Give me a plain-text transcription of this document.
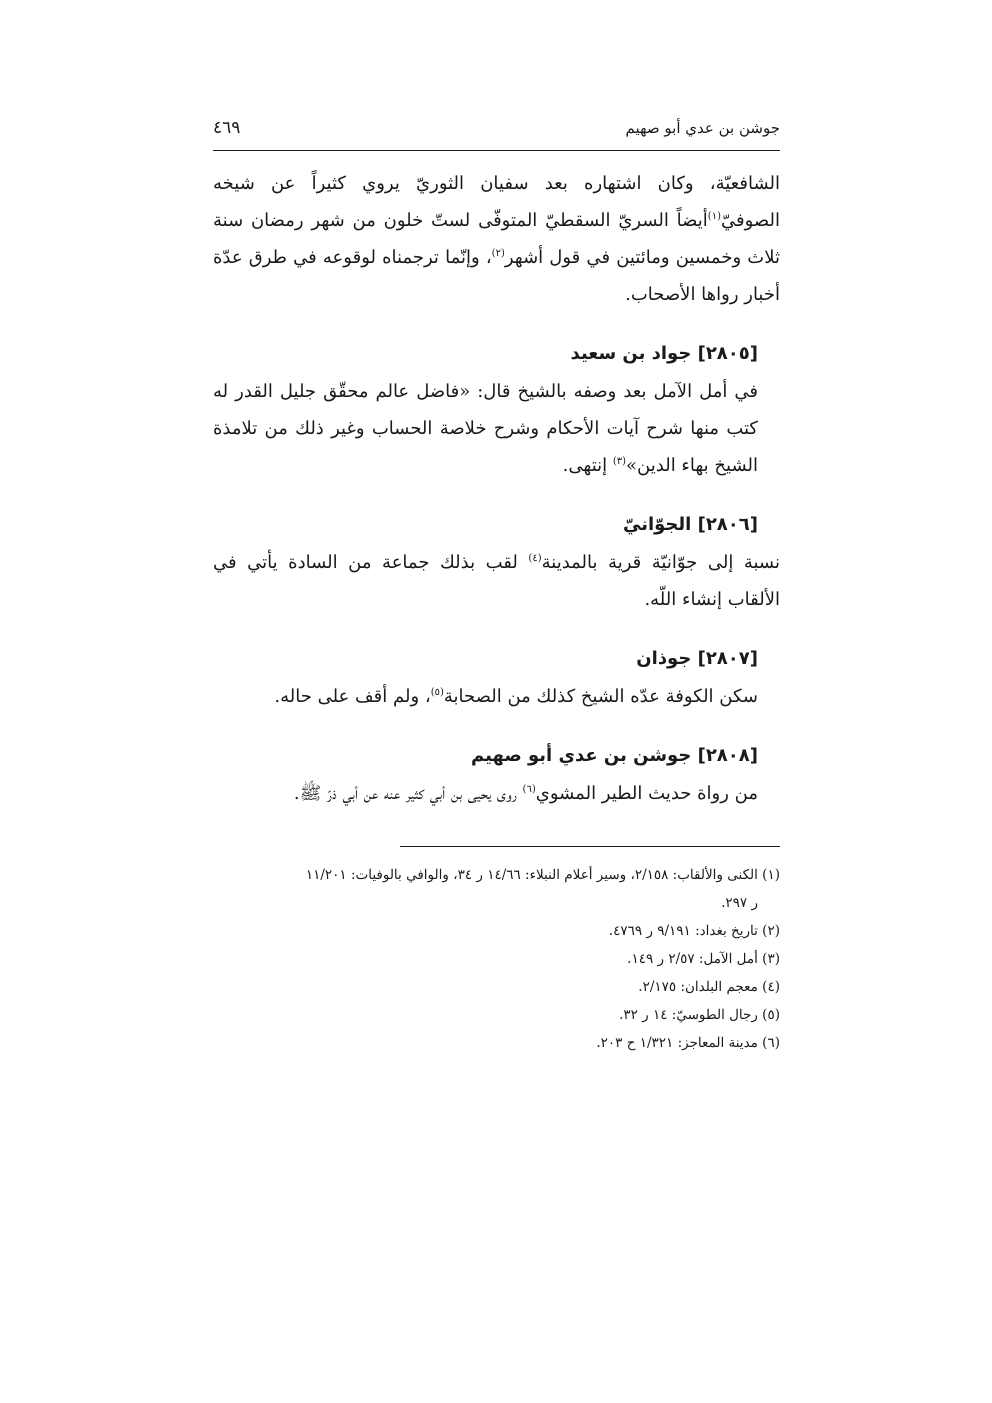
جوشن بن عدي أبو صهيم
٤٦٩

الشافعيّة، وكان اشتهاره بعد سفيان الثوريّ يروي كثيراً عن شيخه الصوفيّ$^{(١)}$أيضاً السريّ السقطيّ المتوفّى لستّ خلون من شهر رمضان سنة ثلاث وخمسين ومائتين في قول أشهر$^{(٢)}$، وإنّما ترجمناه لوقوعه في طرق عدّة أخبار رواها الأصحاب.

[٢٨٠٥] جواد بن سعيد

في أمل الآمل بعد وصفه بالشيخ قال: «فاضل عالم محقّق جليل القدر له كتب منها شرح آيات الأحكام وشرح خلاصة الحساب وغير ذلك من تلامذة الشيخ بهاء الدين»$^{(٣)}$ إنتهى.

[٢٨٠٦] الجوّانيّ

نسبة إلى جوّانيّة قرية بالمدينة$^{(٤)}$ لقب بذلك جماعة من السادة يأتي في الألقاب إنشاء اللّه.

[٢٨٠٧] جوذان

سكن الكوفة عدّه الشيخ كذلك من الصحابة$^{(٥)}$، ولم أقف على حاله.

[٢٨٠٨] جوشن بن عدي أبو صهيم

من رواة حديث الطير المشوي$^{(٦)}$ روى يحيى بن أبي كثير عنه عن أبي ذرّ ﷺ.

(١) الكنى والألقاب: ٢/١٥٨، وسير أعلام النبلاء: ١٤/٦٦ ر ٣٤، والوافي بالوفيات: ١١/٢٠١
ر ٢٩٧.

(٢) تاريخ بغداد: ٩/١٩١ ر ٤٧٦٩.

(٣) أمل الآمل: ٢/٥٧ ر ١٤٩.

(٤) معجم البلدان: ٢/١٧٥.

(٥) رجال الطوسيّ: ١٤ ر ٣٢.

(٦) مدينة المعاجز: ١/٣٢١ ح ٢٠٣.
